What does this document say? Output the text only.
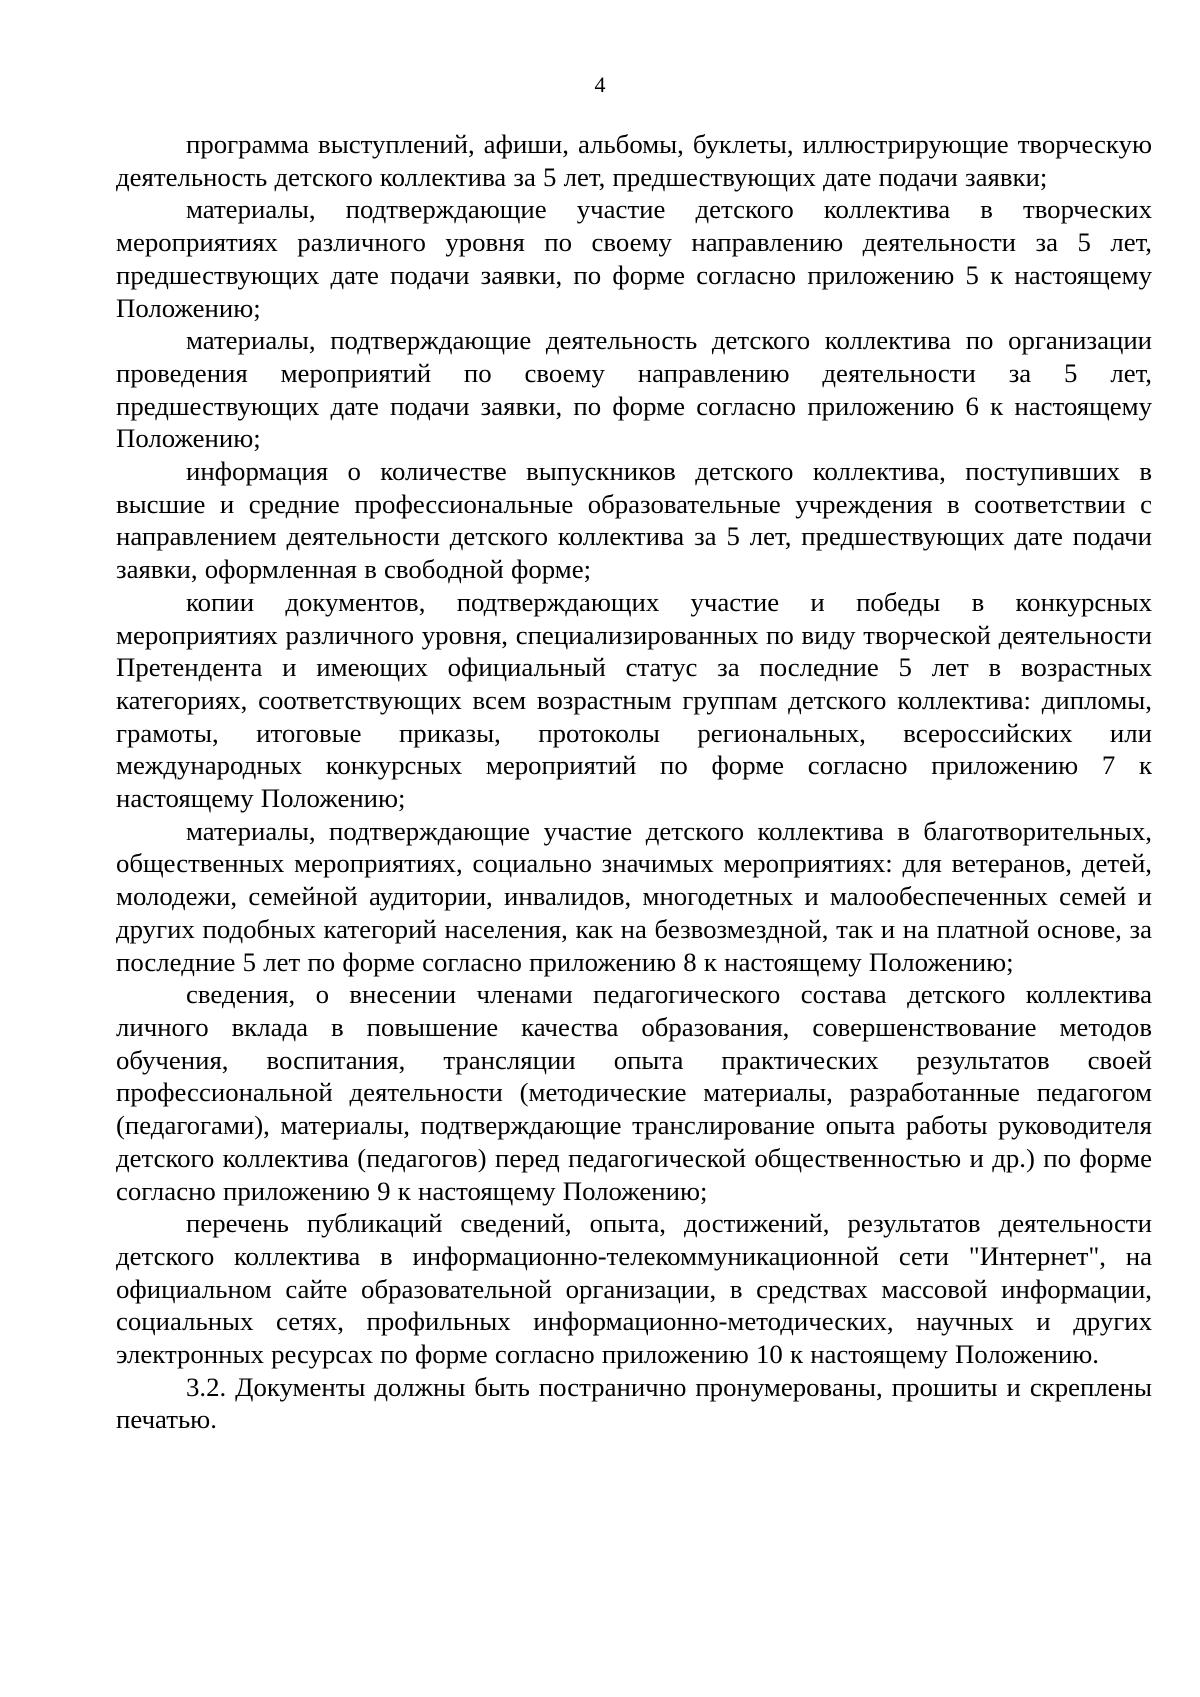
4

программа выступлений, афиши, альбомы, буклеты, иллюстрирующие творческую деятельность детского коллектива за 5 лет, предшествующих дате подачи заявки;

материалы, подтверждающие участие детского коллектива в творческих мероприятиях различного уровня по своему направлению деятельности за 5 лет, предшествующих дате подачи заявки, по форме согласно приложению 5 к настоящему Положению;

материалы, подтверждающие деятельность детского коллектива по организации проведения мероприятий по своему направлению деятельности за 5 лет, предшествующих дате подачи заявки, по форме согласно приложению 6 к настоящему Положению;

информация о количестве выпускников детского коллектива, поступивших в высшие и средние профессиональные образовательные учреждения в соответствии с направлением деятельности детского коллектива за 5 лет, предшествующих дате подачи заявки, оформленная в свободной форме;

копии документов, подтверждающих участие и победы в конкурсных мероприятиях различного уровня, специализированных по виду творческой деятельности Претендента и имеющих официальный статус за последние 5 лет в возрастных категориях, соответствующих всем возрастным группам детского коллектива: дипломы, грамоты, итоговые приказы, протоколы региональных, всероссийских или международных конкурсных мероприятий по форме согласно приложению 7 к настоящему Положению;

материалы, подтверждающие участие детского коллектива в благотворительных, общественных мероприятиях, социально значимых мероприятиях: для ветеранов, детей, молодежи, семейной аудитории, инвалидов, многодетных и малообеспеченных семей и других подобных категорий населения, как на безвозмездной, так и на платной основе, за последние 5 лет по форме согласно приложению 8 к настоящему Положению;

сведения, о внесении членами педагогического состава детского коллектива личного вклада в повышение качества образования, совершенствование методов обучения, воспитания, трансляции опыта практических результатов своей профессиональной деятельности (методические материалы, разработанные педагогом (педагогами), материалы, подтверждающие транслирование опыта работы руководителя детского коллектива (педагогов) перед педагогической общественностью и др.) по форме согласно приложению 9 к настоящему Положению;

перечень публикаций сведений, опыта, достижений, результатов деятельности детского коллектива в информационно-телекоммуникационной сети "Интернет", на официальном сайте образовательной организации, в средствах массовой информации, социальных сетях, профильных информационно-методических, научных и других электронных ресурсах по форме согласно приложению 10 к настоящему Положению.

3.2. Документы должны быть постранично пронумерованы, прошиты и скреплены печатью.
